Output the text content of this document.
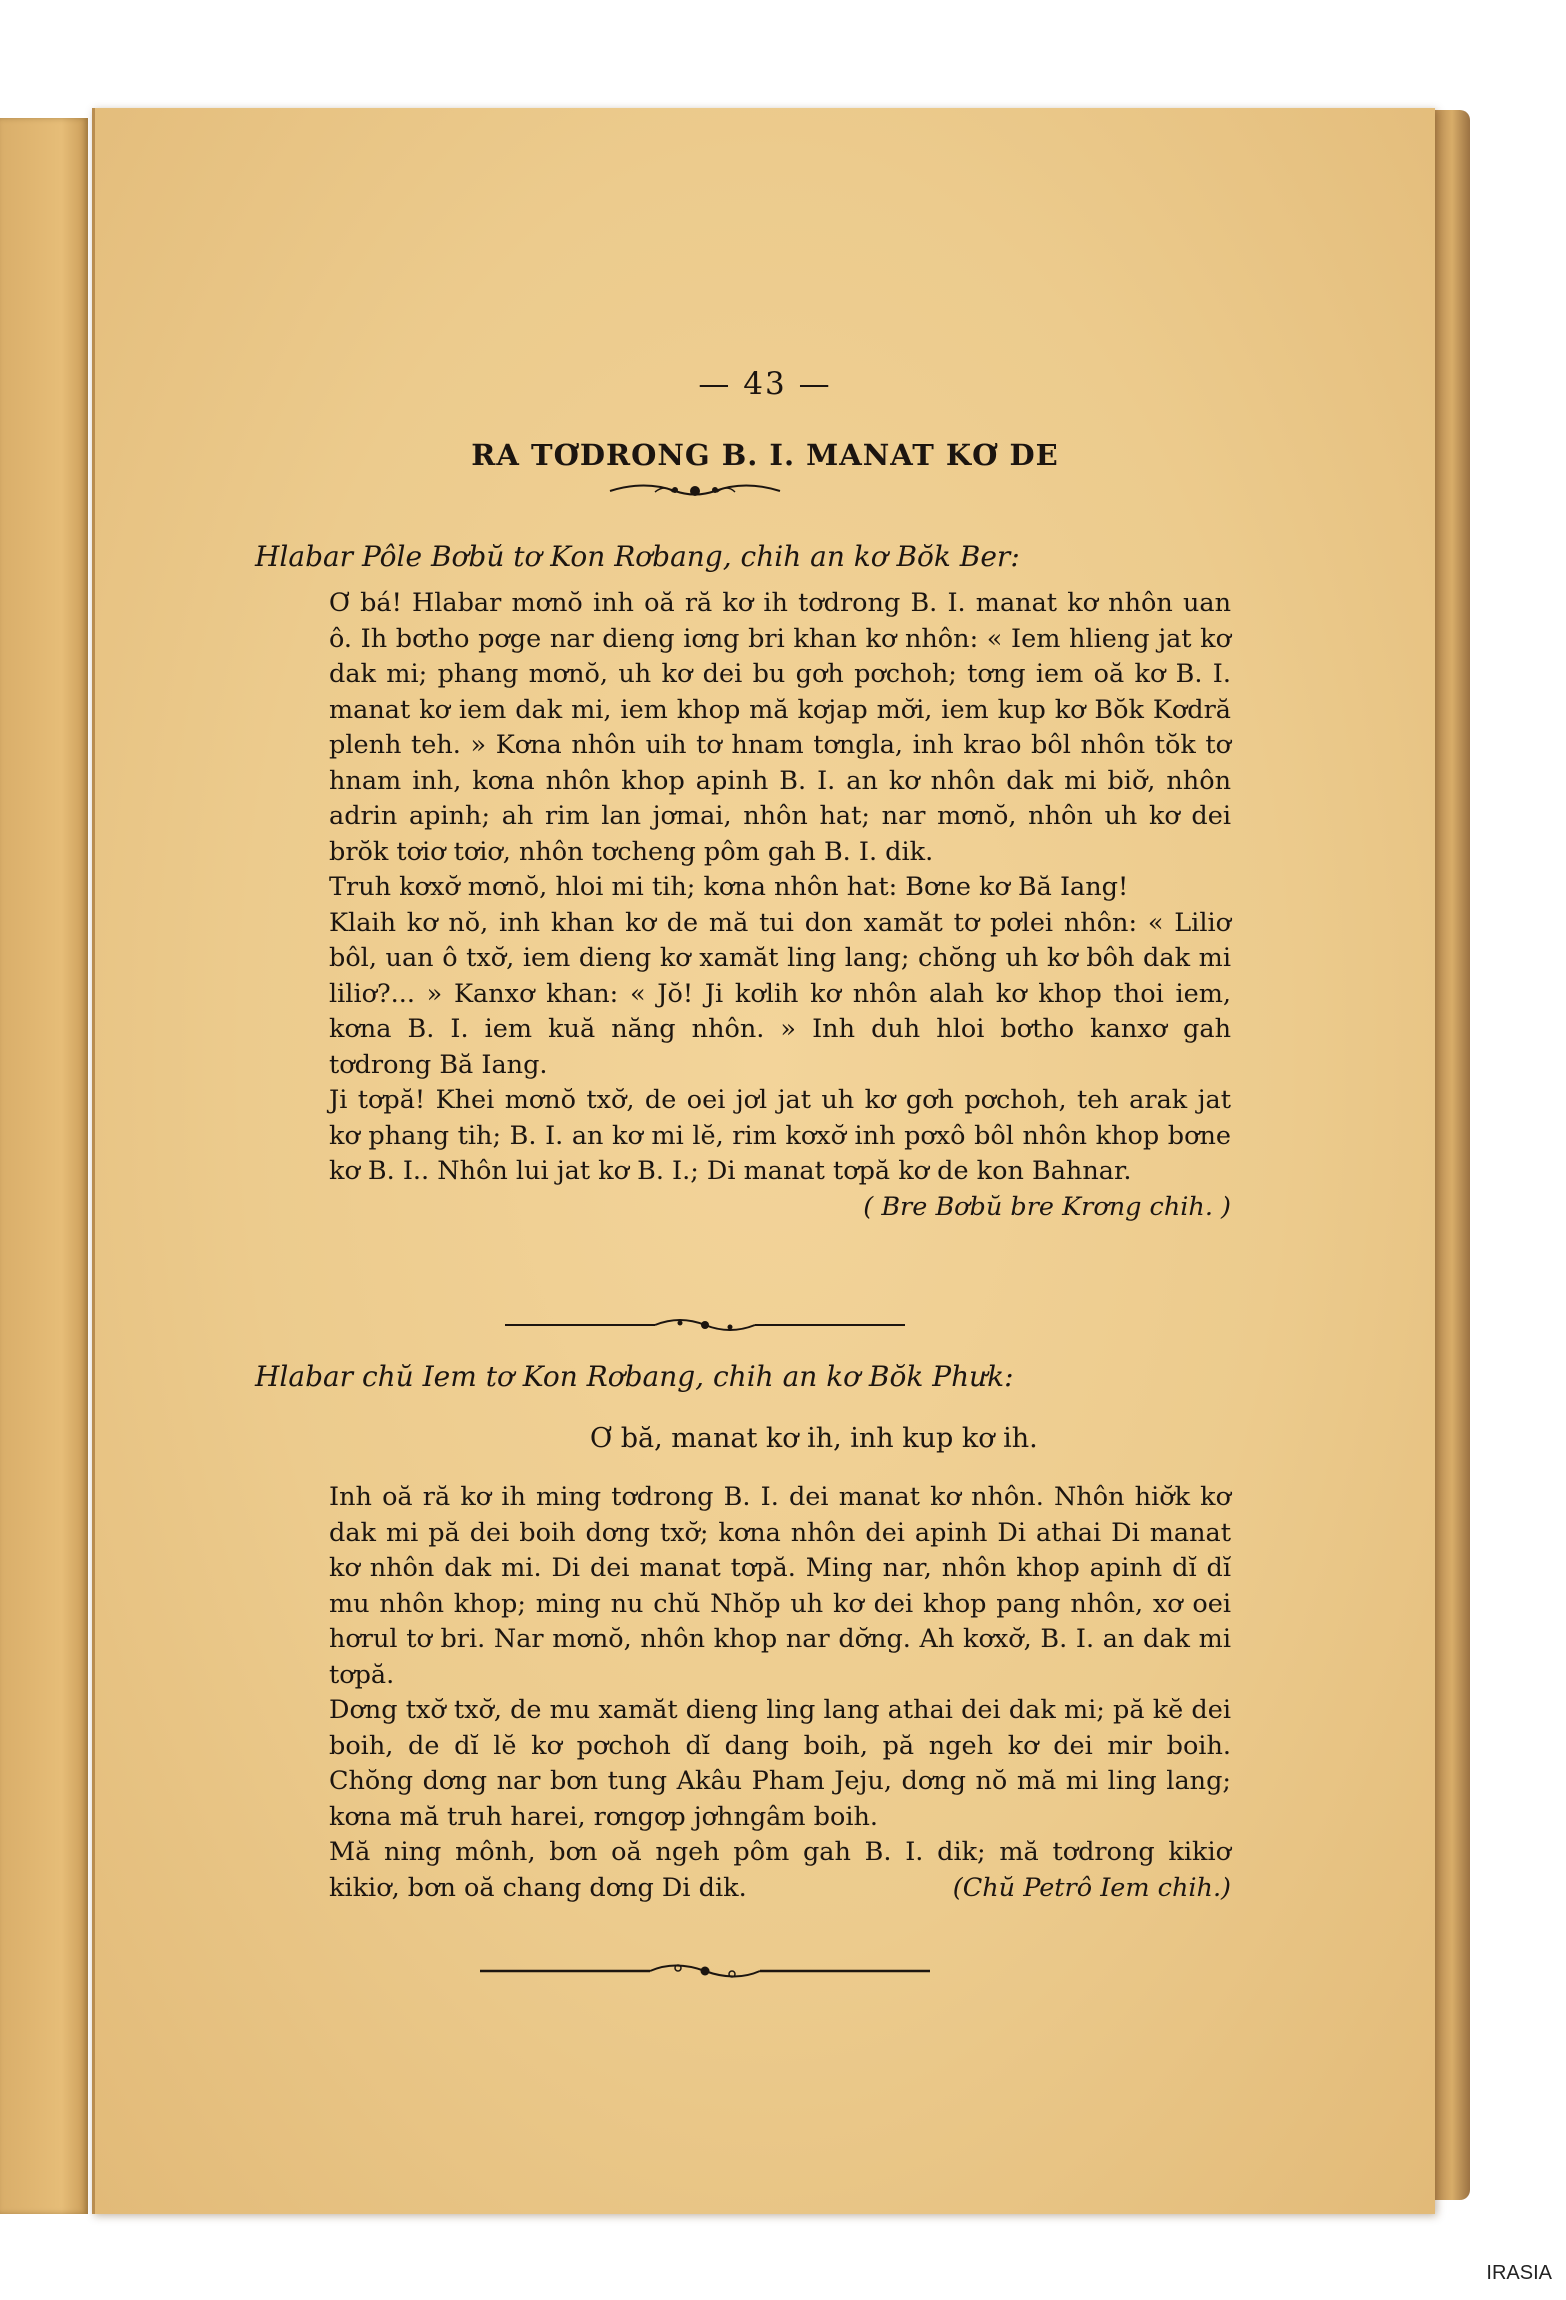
— 43 —
RA TƠDRONG B. I. MANAT KƠ DE
Hlabar Pôle Bơbŭ tơ Kon Rơbang, chih an kơ Bŏk Ber:
Ơ bá! Hlabar mơnŏ inh oă ră kơ ih tơdrong B. I. manat kơ nhôn uan ô. Ih bơtho pơge nar dieng iơng bri khan kơ nhôn: « Iem hlieng jat kơ dak mi; phang mơnŏ, uh kơ dei bu gơh pơchoh; tơng iem oă kơ B. I. manat kơ iem dak mi, iem khop mă kơjap mơ̆i, iem kup kơ Bŏk Kơdră plenh teh. » Kơna nhôn uih tơ hnam tơngla, inh krao bôl nhôn tŏk tơ hnam inh, kơna nhôn khop apinh B. I. an kơ nhôn dak mi biơ̆, nhôn adrin apinh; ah rim lan jơmai, nhôn hat; nar mơnŏ, nhôn uh kơ dei brŏk tơiơ tơiơ, nhôn tơcheng pôm gah B. I. dik.
Truh kơxơ̆ mơnŏ, hloi mi tih; kơna nhôn hat: Bơne kơ Bă Iang!
Klaih kơ nŏ, inh khan kơ de mă tui don xamăt tơ pơlei nhôn: « Liliơ bôl, uan ô txơ̆, iem dieng kơ xamăt ling lang; chŏng uh kơ bôh dak mi liliơ?... » Kanxơ khan: « Jŏ! Ji kơlih kơ nhôn alah kơ khop thoi iem, kơna B. I. iem kuă năng nhôn. » Inh duh hloi bơtho kanxơ gah tơdrong Bă Iang.
Ji tơpă! Khei mơnŏ txơ̆, de oei jơl jat uh kơ gơh pơchoh, teh arak jat kơ phang tih; B. I. an kơ mi lĕ, rim kơxơ̆ inh pơxô bôl nhôn khop bơne kơ B. I.. Nhôn lui jat kơ B. I.; Di manat tơpă kơ de kon Bahnar.
( Bre Bơbŭ bre Krơng chih. )
Hlabar chŭ Iem tơ Kon Rơbang, chih an kơ Bŏk Phưk:
Ơ bă, manat kơ ih, inh kup kơ ih.
Inh oă ră kơ ih ming tơdrong B. I. dei manat kơ nhôn. Nhôn hiơ̆k kơ dak mi pă dei boih dơng txơ̆; kơna nhôn dei apinh Di athai Di manat kơ nhôn dak mi. Di dei manat tơpă. Ming nar, nhôn khop apinh dĭ dĭ mu nhôn khop; ming nu chŭ Nhŏp uh kơ dei khop pang nhôn, xơ oei hơrul tơ bri. Nar mơnŏ, nhôn khop nar dơ̆ng. Ah kơxơ̆, B. I. an dak mi tơpă.
Dơng txơ̆ txơ̆, de mu xamăt dieng ling lang athai dei dak mi; pă kĕ dei boih, de dĭ lĕ kơ pơchoh dĭ dang boih, pă ngeh kơ dei mir boih. Chŏng dơng nar bơn tung Akâu Pham Jeju, dơng nŏ mă mi ling lang; kơna mă truh harei, rơngơp jơhngâm boih.
Mă ning mônh, bơn oă ngeh pôm gah B. I. dik; mă tơdrong kikiơ kikiơ, bơn oă chang dơng Di dik.	(Chŭ Petrô Iem chih.)
IRASIA
